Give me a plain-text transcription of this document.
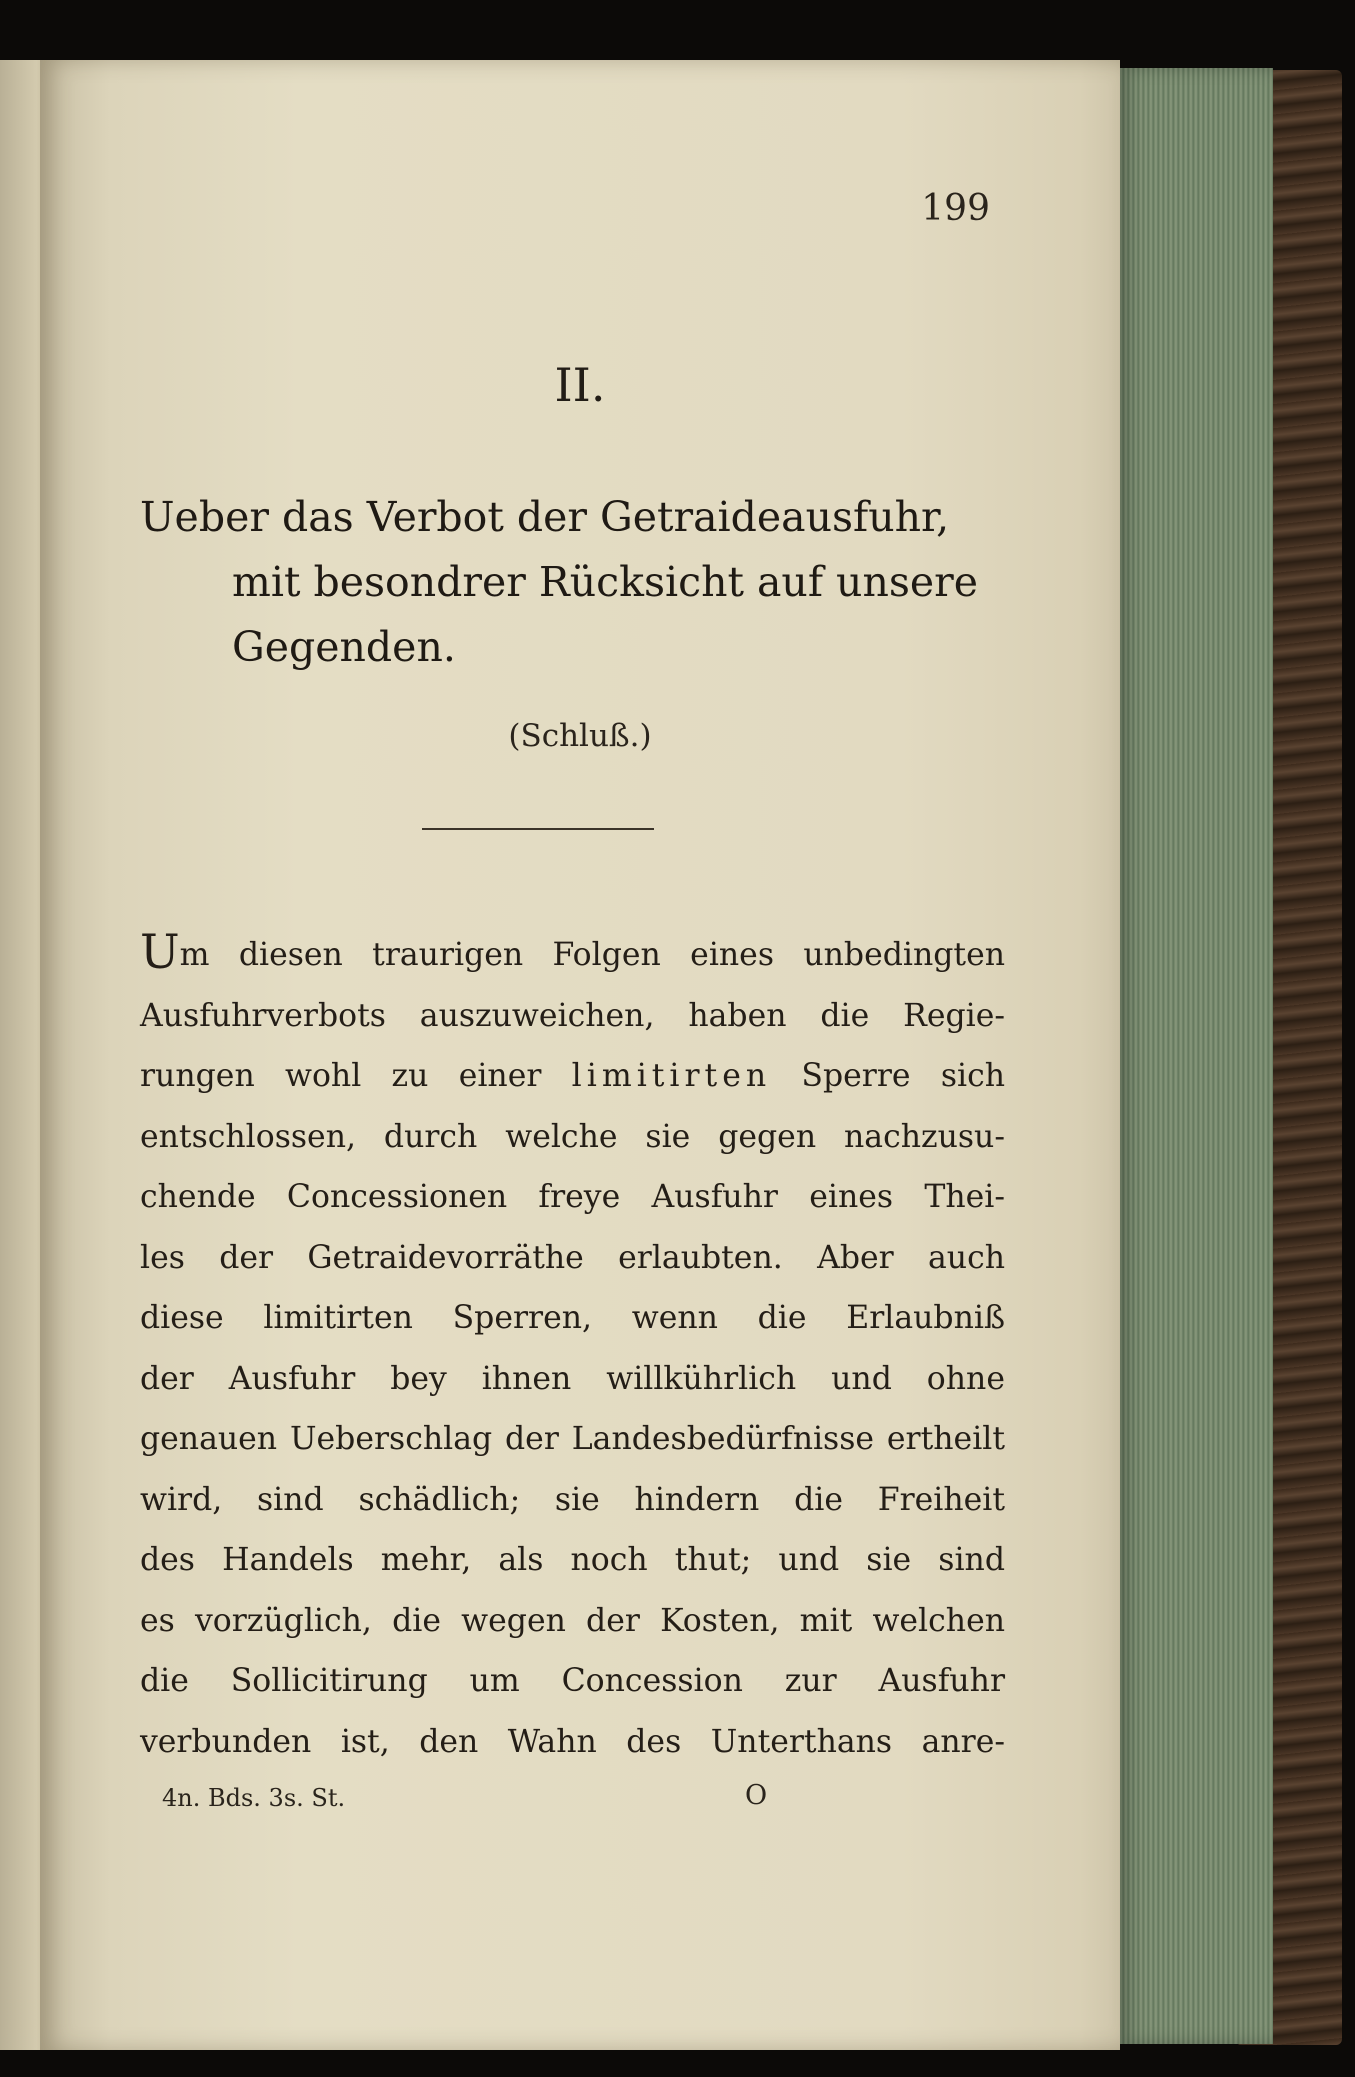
199
II.
Ueber das Verbot der Getraideausfuhr,
mit besondrer Rücksicht auf unsere
Gegenden.
(Schluß.)
Um diesen traurigen Folgen eines unbedingten
Ausfuhrverbots auszuweichen, haben die Regie-
rungen wohl zu einer limitirten Sperre sich
entschlossen, durch welche sie gegen nachzusu-
chende Concessionen freye Ausfuhr eines Thei-
les der Getraidevorräthe erlaubten. Aber auch
diese limitirten Sperren, wenn die Erlaubniß
der Ausfuhr bey ihnen willkührlich und ohne
genauen Ueberschlag der Landesbedürfnisse ertheilt
wird, sind schädlich; sie hindern die Freiheit
des Handels mehr, als noch thut; und sie sind
es vorzüglich, die wegen der Kosten, mit welchen
die Sollicitirung um Concession zur Ausfuhr
verbunden ist, den Wahn des Unterthans anre-
4n. Bds. 3s. St.	O
